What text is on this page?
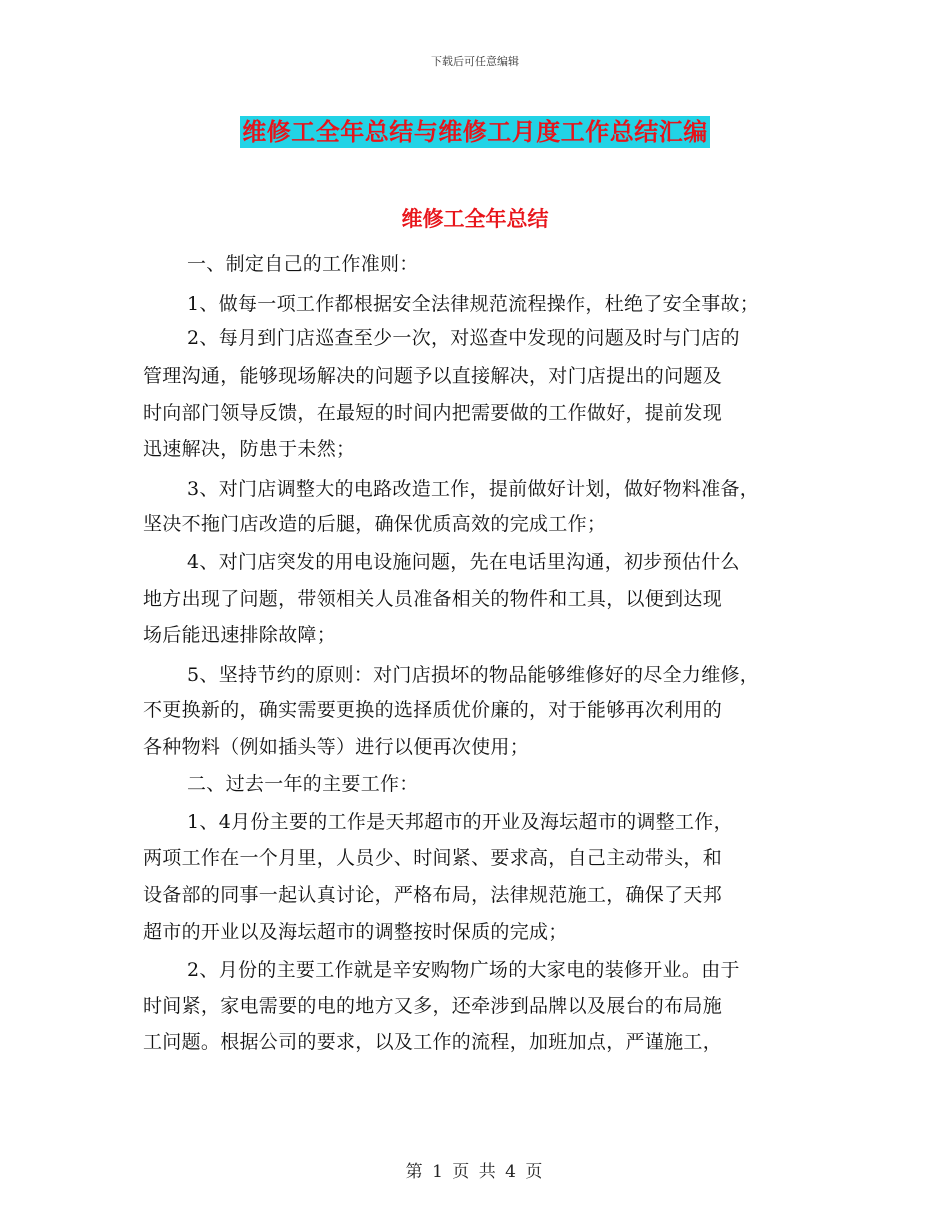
下载后可任意编辑
维修工全年总结与维修工月度工作总结汇编
维修工全年总结
一、制定自己的工作准则：
1、做每一项工作都根据安全法律规范流程操作，杜绝了安全事故；
2、每月到门店巡查至少一次，对巡查中发现的问题及时与门店的
管理沟通，能够现场解决的问题予以直接解决，对门店提出的问题及
时向部门领导反馈，在最短的时间内把需要做的工作做好，提前发现
迅速解决，防患于未然；
3、对门店调整大的电路改造工作，提前做好计划，做好物料准备，
坚决不拖门店改造的后腿，确保优质高效的完成工作；
4、对门店突发的用电设施问题，先在电话里沟通，初步预估什么
地方出现了问题，带领相关人员准备相关的物件和工具，以便到达现
场后能迅速排除故障；
5、坚持节约的原则：对门店损坏的物品能够维修好的尽全力维修，
不更换新的，确实需要更换的选择质优价廉的，对于能够再次利用的
各种物料（例如插头等）进行以便再次使用；
二、过去一年的主要工作：
1、4月份主要的工作是天邦超市的开业及海坛超市的调整工作，
两项工作在一个月里，人员少、时间紧、要求高，自己主动带头，和
设备部的同事一起认真讨论，严格布局，法律规范施工，确保了天邦
超市的开业以及海坛超市的调整按时保质的完成；
2、月份的主要工作就是辛安购物广场的大家电的装修开业。由于
时间紧，家电需要的电的地方又多，还牵涉到品牌以及展台的布局施
工问题。根据公司的要求，以及工作的流程，加班加点，严谨施工，
第 1 页 共 4 页
